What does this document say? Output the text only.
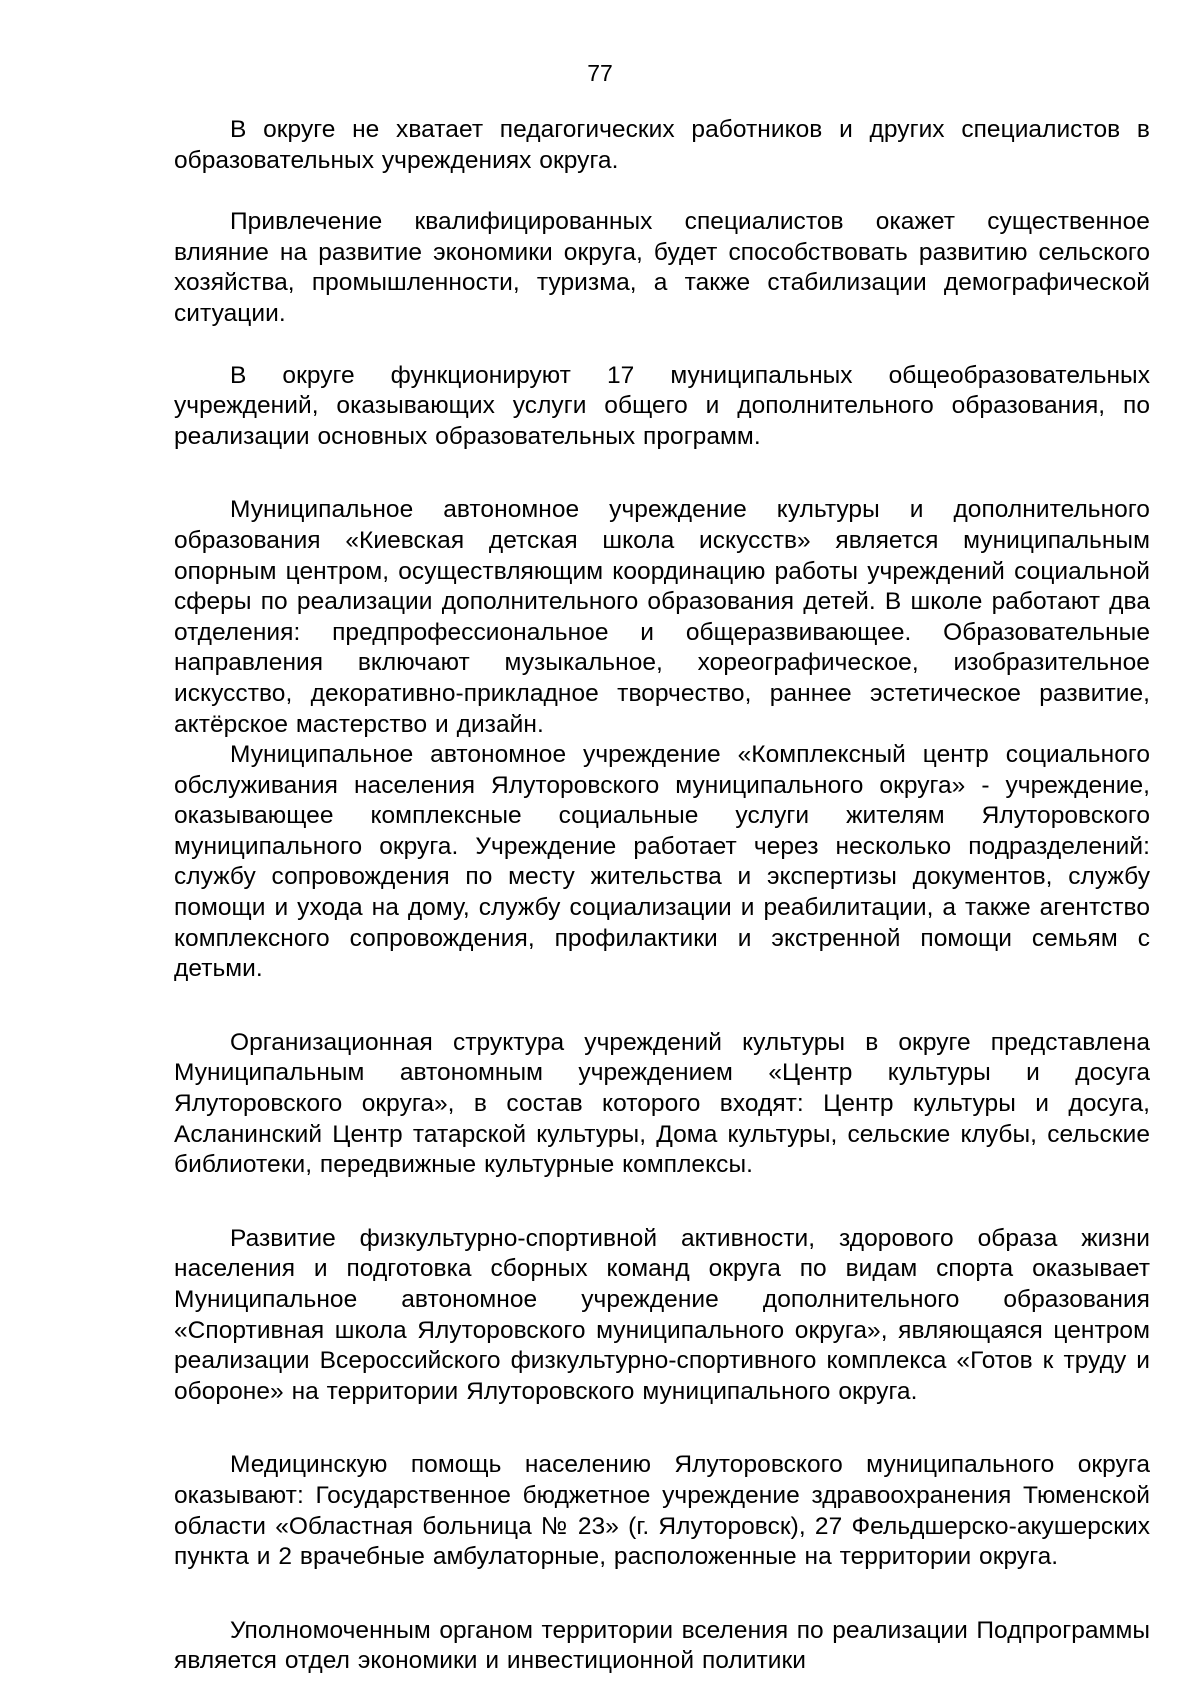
77

В округе не хватает педагогических работников и других специалистов в образовательных учреждениях округа.

Привлечение квалифицированных специалистов окажет существенное влияние на развитие экономики округа, будет способствовать развитию сельского хозяйства, промышленности, туризма, а также стабилизации демографической ситуации.

В округе функционируют 17 муниципальных общеобразовательных учреждений, оказывающих услуги общего и дополнительного образования, по реализации основных образовательных программ.

Муниципальное автономное учреждение культуры и дополнительного образования «Киевская детская школа искусств» является муниципальным опорным центром, осуществляющим координацию работы учреждений социальной сферы по реализации дополнительного образования детей. В школе работают два отделения: предпрофессиональное и общеразвивающее. Образовательные направления включают музыкальное, хореографическое, изобразительное искусство, декоративно-прикладное творчество, раннее эстетическое развитие, актёрское мастерство и дизайн.

Муниципальное автономное учреждение «Комплексный центр социального обслуживания населения Ялуторовского муниципального округа» - учреждение, оказывающее комплексные социальные услуги жителям Ялуторовского муниципального округа. Учреждение работает через несколько подразделений: службу сопровождения по месту жительства и экспертизы документов, службу помощи и ухода на дому, службу социализации и реабилитации, а также агентство комплексного сопровождения, профилактики и экстренной помощи семьям с детьми.

Организационная структура учреждений культуры в округе представлена Муниципальным автономным учреждением «Центр культуры и досуга Ялуторовского округа», в состав которого входят: Центр культуры и досуга, Асланинский Центр татарской культуры, Дома культуры, сельские клубы, сельские библиотеки, передвижные культурные комплексы.

Развитие физкультурно-спортивной активности, здорового образа жизни населения и подготовка сборных команд округа по видам спорта оказывает Муниципальное автономное учреждение дополнительного образования «Спортивная школа Ялуторовского муниципального округа», являющаяся центром реализации Всероссийского физкультурно-спортивного комплекса «Готов к труду и обороне» на территории Ялуторовского муниципального округа.

Медицинскую помощь населению Ялуторовского муниципального округа оказывают: Государственное бюджетное учреждение здравоохранения Тюменской области «Областная больница № 23» (г. Ялуторовск), 27 Фельдшерско-акушерских пункта и 2 врачебные амбулаторные, расположенные на территории округа.

Уполномоченным органом территории вселения по реализации Подпрограммы является отдел экономики и инвестиционной политики
